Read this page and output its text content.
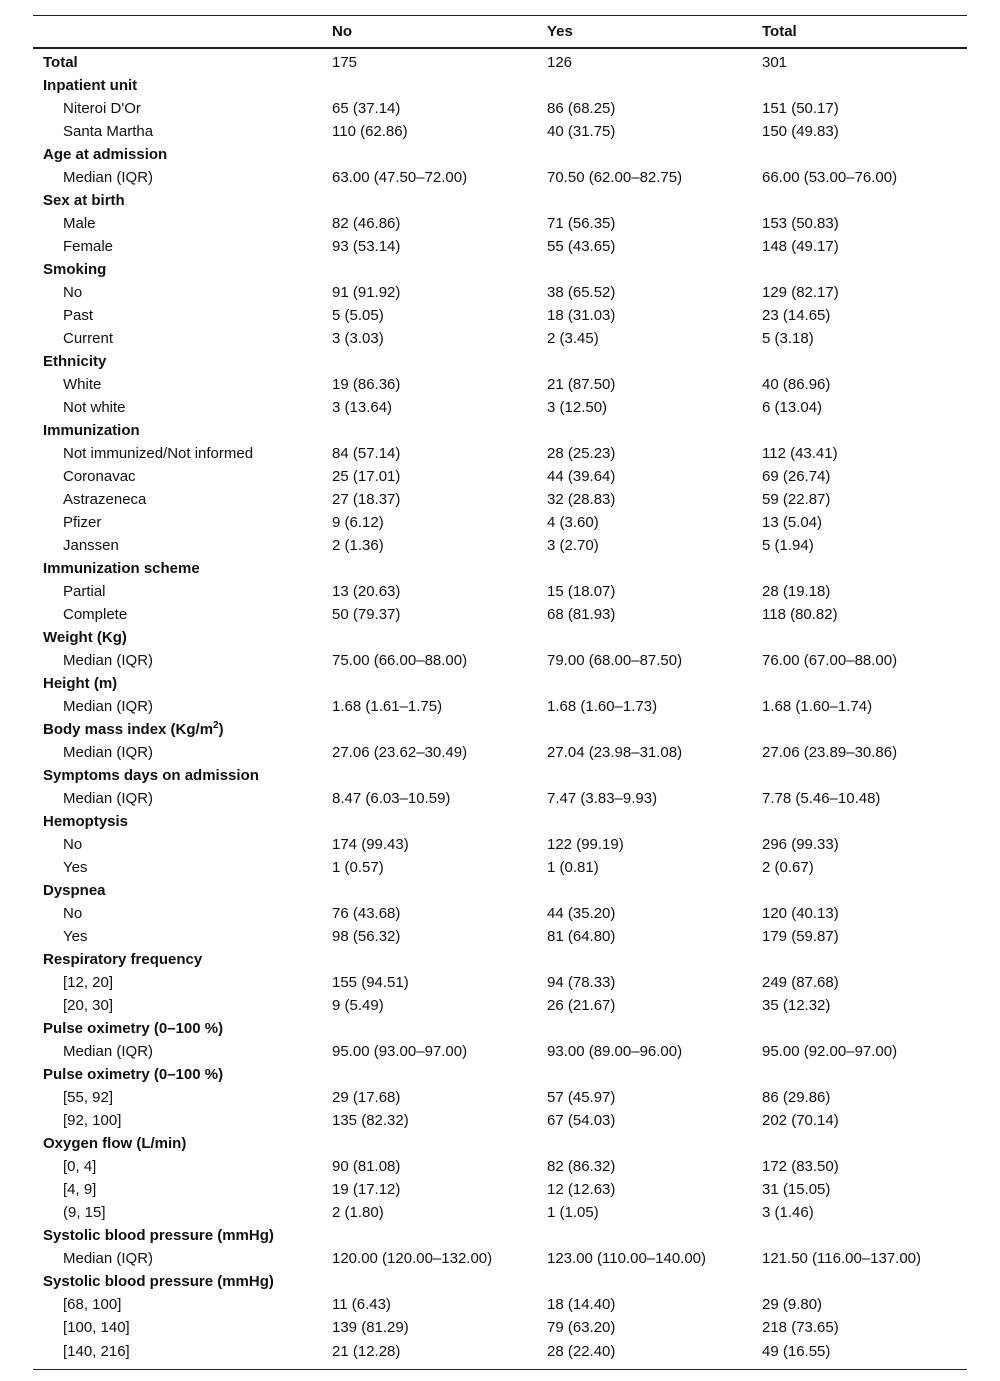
	No	Yes	Total
Total	175	126	301
Inpatient unit			
Niteroi D'Or	65 (37.14)	86 (68.25)	151 (50.17)
Santa Martha	110 (62.86)	40 (31.75)	150 (49.83)
Age at admission			
Median (IQR)	63.00 (47.50–72.00)	70.50 (62.00–82.75)	66.00 (53.00–76.00)
Sex at birth			
Male	82 (46.86)	71 (56.35)	153 (50.83)
Female	93 (53.14)	55 (43.65)	148 (49.17)
Smoking			
No	91 (91.92)	38 (65.52)	129 (82.17)
Past	5 (5.05)	18 (31.03)	23 (14.65)
Current	3 (3.03)	2 (3.45)	5 (3.18)
Ethnicity			
White	19 (86.36)	21 (87.50)	40 (86.96)
Not white	3 (13.64)	3 (12.50)	6 (13.04)
Immunization			
Not immunized/Not informed	84 (57.14)	28 (25.23)	112 (43.41)
Coronavac	25 (17.01)	44 (39.64)	69 (26.74)
Astrazeneca	27 (18.37)	32 (28.83)	59 (22.87)
Pfizer	9 (6.12)	4 (3.60)	13 (5.04)
Janssen	2 (1.36)	3 (2.70)	5 (1.94)
Immunization scheme			
Partial	13 (20.63)	15 (18.07)	28 (19.18)
Complete	50 (79.37)	68 (81.93)	118 (80.82)
Weight (Kg)			
Median (IQR)	75.00 (66.00–88.00)	79.00 (68.00–87.50)	76.00 (67.00–88.00)
Height (m)			
Median (IQR)	1.68 (1.61–1.75)	1.68 (1.60–1.73)	1.68 (1.60–1.74)
Body mass index $(Kg/m^2)$			
Median (IQR)	27.06 (23.62–30.49)	27.04 (23.98–31.08)	27.06 (23.89–30.86)
Symptoms days on admission			
Median (IQR)	8.47 (6.03–10.59)	7.47 (3.83–9.93)	7.78 (5.46–10.48)
Hemoptysis			
No	174 (99.43)	122 (99.19)	296 (99.33)
Yes	1 (0.57)	1 (0.81)	2 (0.67)
Dyspnea			
No	76 (43.68)	44 (35.20)	120 (40.13)
Yes	98 (56.32)	81 (64.80)	179 (59.87)
Respiratory frequency			
[12, 20]	155 (94.51)	94 (78.33)	249 (87.68)
[20, 30]	9 (5.49)	26 (21.67)	35 (12.32)
Pulse oximetry (0–100 %)			
Median (IQR)	95.00 (93.00–97.00)	93.00 (89.00–96.00)	95.00 (92.00–97.00)
Pulse oximetry (0–100 %)			
[55, 92]	29 (17.68)	57 (45.97)	86 (29.86)
[92, 100]	135 (82.32)	67 (54.03)	202 (70.14)
Oxygen flow (L/min)			
[0, 4]	90 (81.08)	82 (86.32)	172 (83.50)
[4, 9]	19 (17.12)	12 (12.63)	31 (15.05)
(9, 15]	2 (1.80)	1 (1.05)	3 (1.46)
Systolic blood pressure (mmHg)			
Median (IQR)	120.00 (120.00–132.00)	123.00 (110.00–140.00)	121.50 (116.00–137.00)
Systolic blood pressure (mmHg)			
[68, 100]	11 (6.43)	18 (14.40)	29 (9.80)
[100, 140]	139 (81.29)	79 (63.20)	218 (73.65)
[140, 216]	21 (12.28)	28 (22.40)	49 (16.55)
